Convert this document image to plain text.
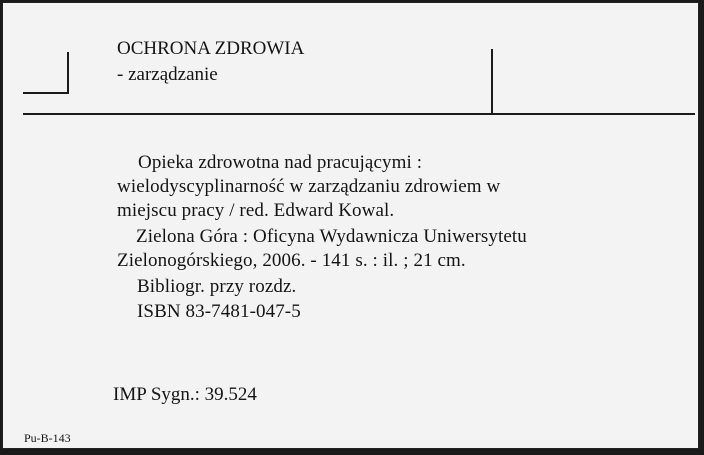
OCHRONA ZDROWIA
- zarządzanie
Opieka zdrowotna nad pracującymi :
wielodyscyplinarność w zarządzaniu zdrowiem w
miejscu pracy / red. Edward Kowal.
Zielona Góra : Oficyna Wydawnicza Uniwersytetu
Zielonogórskiego, 2006. - 141 s. : il. ; 21 cm.
Bibliogr. przy rozdz.
ISBN 83-7481-047-5
IMP Sygn.: 39.524
Pu-B-143
